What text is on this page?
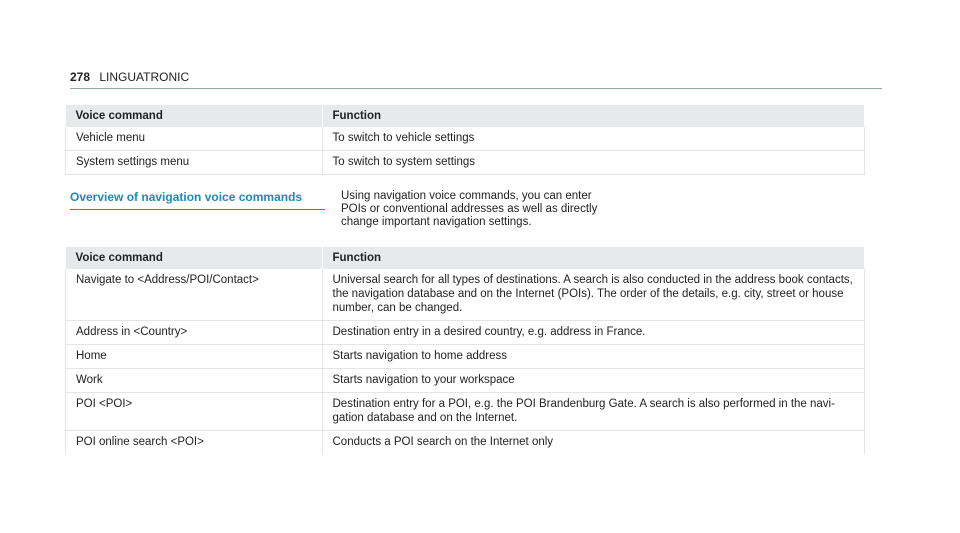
278 LINGUATRONIC
Voice command	Function
Vehicle menu	To switch to vehicle settings
System settings menu	To switch to system settings
Overview of navigation voice commands	Using navigation voice commands, you can enter POIs or conventional addresses as well as directly change important navigation settings.
Voice command	Function
Navigate to <Address/POI/Contact>	Universal search for all types of destinations. A search is also conducted in the address book contacts, the navigation database and on the Internet (POIs). The order of the details, e.g. city, street or house number, can be changed.
Address in <Country>	Destination entry in a desired country, e.g. address in France.
Home	Starts navigation to home address
Work	Starts navigation to your workspace
POI <POI>	Destination entry for a POI, e.g. the POI Brandenburg Gate. A search is also performed in the navigation database and on the Internet.
POI online search <POI>	Conducts a POI search on the Internet only
